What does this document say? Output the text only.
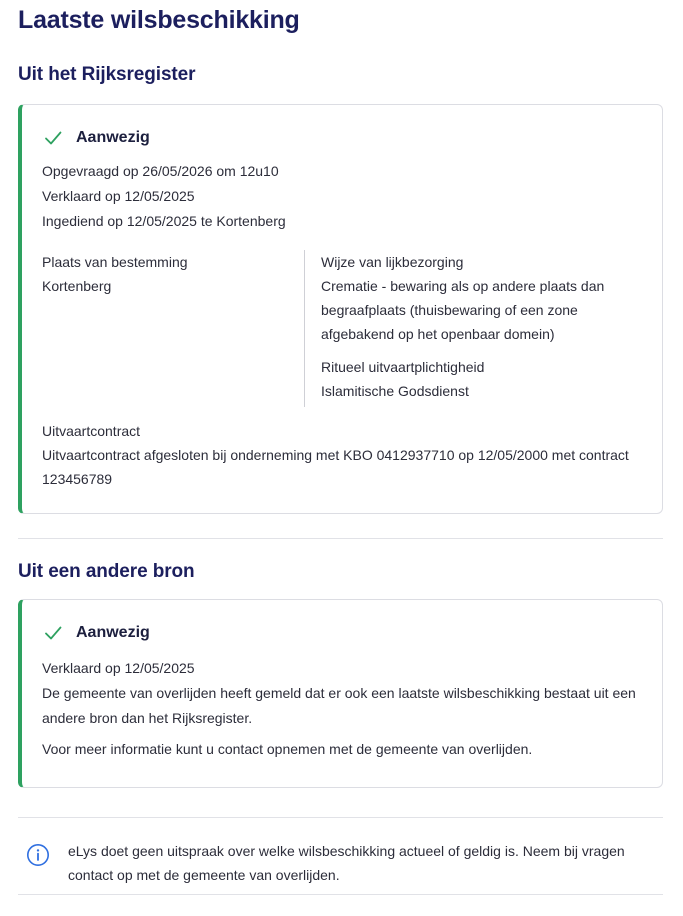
Laatste wilsbeschikking
Uit het Rijksregister
Aanwezig
Opgevraagd op 26/05/2026 om 12u10
Verklaard op 12/05/2025
Ingediend op 12/05/2025 te Kortenberg
Plaats van bestemming
Kortenberg
Wijze van lijkbezorging
Crematie - bewaring als op andere plaats dan begraafplaats (thuisbewaring of een zone afgebakend op het openbaar domein)
Ritueel uitvaartplichtigheid
Islamitische Godsdienst
Uitvaartcontract
Uitvaartcontract afgesloten bij onderneming met KBO 0412937710 op 12/05/2000 met contract 123456789
Uit een andere bron
Aanwezig
Verklaard op 12/05/2025
De gemeente van overlijden heeft gemeld dat er ook een laatste wilsbeschikking bestaat uit een andere bron dan het Rijksregister.
Voor meer informatie kunt u contact opnemen met de gemeente van overlijden.
eLys doet geen uitspraak over welke wilsbeschikking actueel of geldig is. Neem bij vragen contact op met de gemeente van overlijden.
